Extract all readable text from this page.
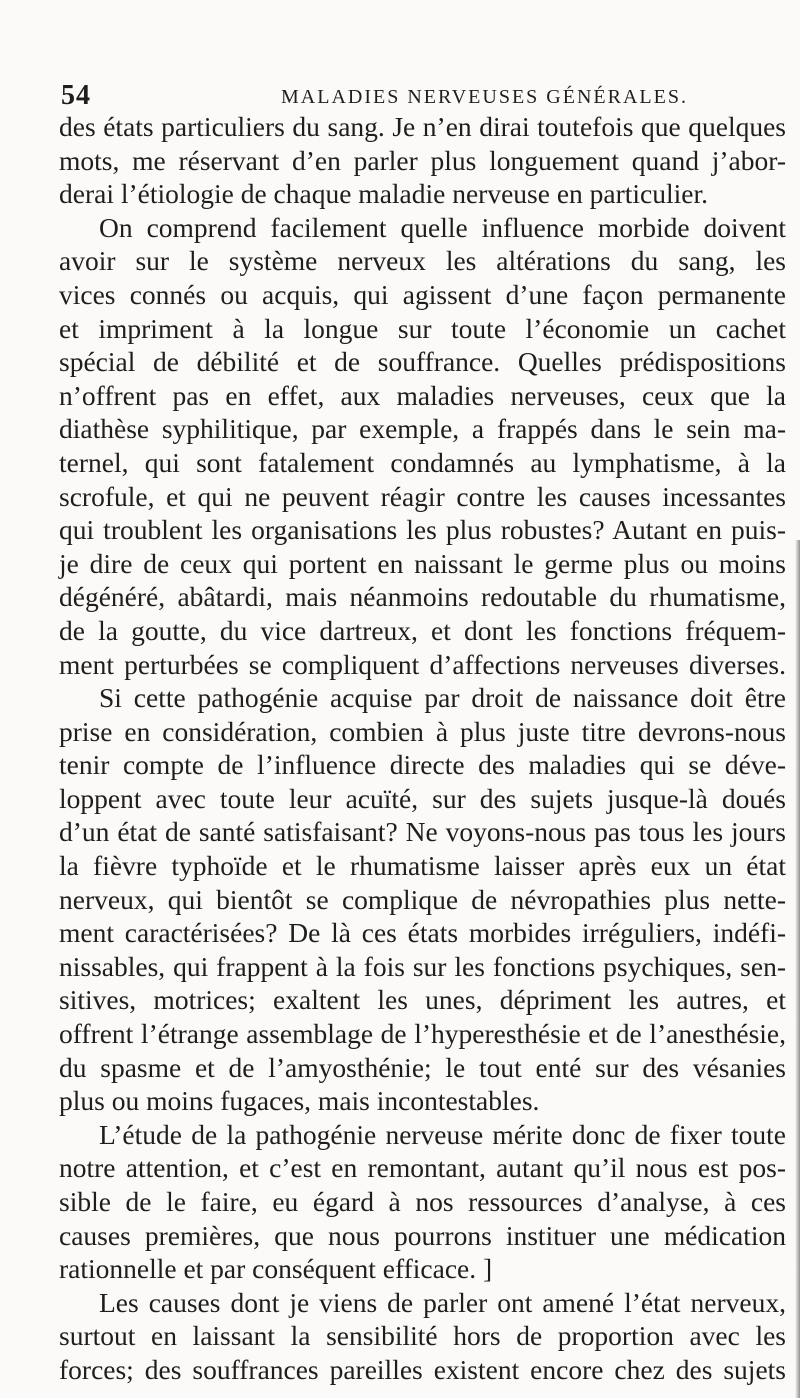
54	MALADIES NERVEUSES GÉNÉRALES.
des états particuliers du sang. Je n’en dirai toutefois que quelques
mots, me réservant d’en parler plus longuement quand j’abor-
derai l’étiologie de chaque maladie nerveuse en particulier.
On comprend facilement quelle influence morbide doivent
avoir sur le système nerveux les altérations du sang, les
vices connés ou acquis, qui agissent d’une façon permanente
et impriment à la longue sur toute l’économie un cachet
spécial de débilité et de souffrance. Quelles prédispositions
n’offrent pas en effet, aux maladies nerveuses, ceux que la
diathèse syphilitique, par exemple, a frappés dans le sein ma-
ternel, qui sont fatalement condamnés au lymphatisme, à la
scrofule, et qui ne peuvent réagir contre les causes incessantes
qui troublent les organisations les plus robustes? Autant en puis-
je dire de ceux qui portent en naissant le germe plus ou moins
dégénéré, abâtardi, mais néanmoins redoutable du rhumatisme,
de la goutte, du vice dartreux, et dont les fonctions fréquem-
ment perturbées se compliquent d’affections nerveuses diverses.
Si cette pathogénie acquise par droit de naissance doit être
prise en considération, combien à plus juste titre devrons-nous
tenir compte de l’influence directe des maladies qui se déve-
loppent avec toute leur acuïté, sur des sujets jusque-là doués
d’un état de santé satisfaisant? Ne voyons-nous pas tous les jours
la fièvre typhoïde et le rhumatisme laisser après eux un état
nerveux, qui bientôt se complique de névropathies plus nette-
ment caractérisées? De là ces états morbides irréguliers, indéfi-
nissables, qui frappent à la fois sur les fonctions psychiques, sen-
sitives, motrices; exaltent les unes, dépriment les autres, et
offrent l’étrange assemblage de l’hyperesthésie et de l’anesthésie,
du spasme et de l’amyosthénie; le tout enté sur des vésanies
plus ou moins fugaces, mais incontestables.
L’étude de la pathogénie nerveuse mérite donc de fixer toute
notre attention, et c’est en remontant, autant qu’il nous est pos-
sible de le faire, eu égard à nos ressources d’analyse, à ces
causes premières, que nous pourrons instituer une médication
rationnelle et par conséquent efficace. ]
Les causes dont je viens de parler ont amené l’état nerveux,
surtout en laissant la sensibilité hors de proportion avec les
forces; des souffrances pareilles existent encore chez des sujets
